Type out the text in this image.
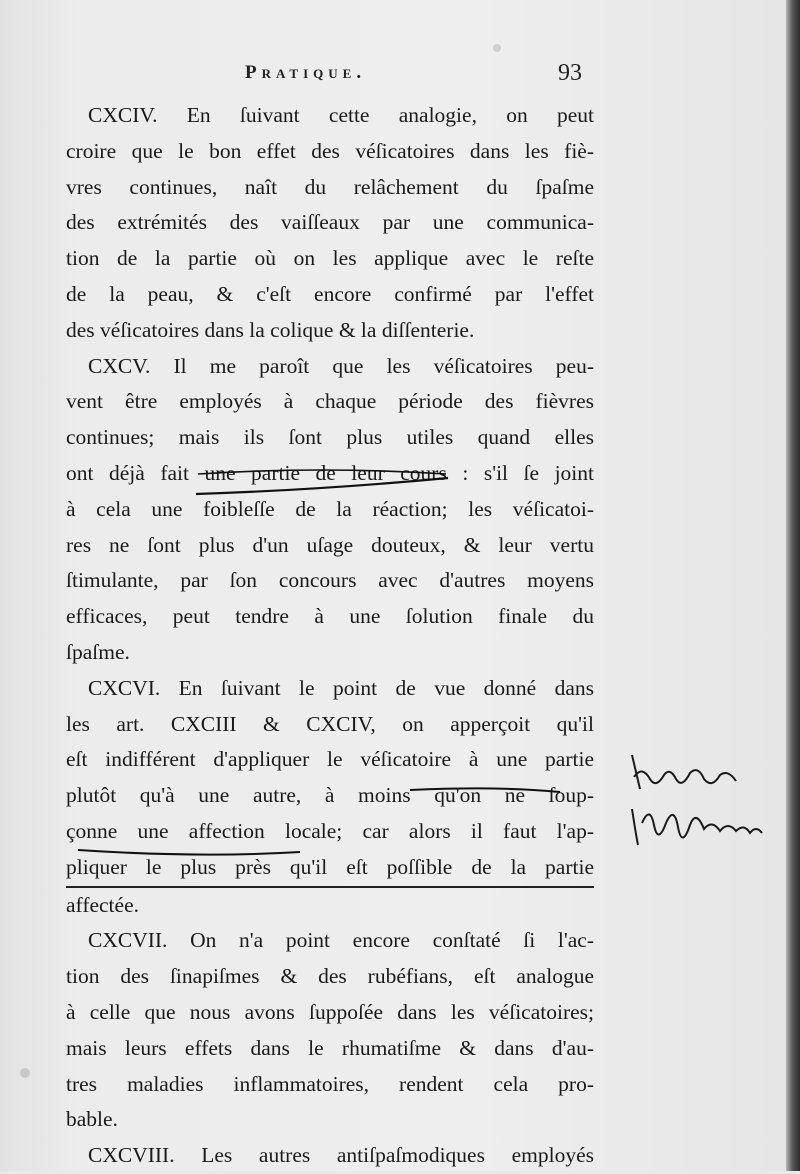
Pratique.	93
CXCIV. En ſuivant cette analogie, on peut
croire que le bon effet des véſicatoires dans les fiè-
vres continues, naît du relâchement du ſpaſme
des extrémités des vaiſſeaux par une communica-
tion de la partie où on les applique avec le reſte
de la peau, & c'eſt encore confirmé par l'effet
des véſicatoires dans la colique & la diſſenterie.
CXCV. Il me paroît que les véſicatoires peu-
vent être employés à chaque période des fièvres
continues; mais ils ſont plus utiles quand elles
ont déjà fait une partie de leur cours : s'il ſe joint
à cela une foibleſſe de la réaction; les véſicatoi-
res ne ſont plus d'un uſage douteux, & leur vertu
ſtimulante, par ſon concours avec d'autres moyens
efficaces, peut tendre à une ſolution finale du
ſpaſme.
CXCVI. En ſuivant le point de vue donné dans
les art. CXCIII & CXCIV, on apperçoit qu'il
eſt indifférent d'appliquer le véſicatoire à une partie
plutôt qu'à une autre, à moins qu'on ne ſoup-
çonne une affection locale; car alors il faut l'ap-
pliquer le plus près qu'il eſt poſſible de la partie
affectée.
CXCVII. On n'a point encore conſtaté ſi l'ac-
tion des ſinapiſmes & des rubéfians, eſt analogue
à celle que nous avons ſuppoſée dans les véſicatoires;
mais leurs effets dans le rhumatiſme & dans d'au-
tres maladies inflammatoires, rendent cela pro-
bable.
CXCVIII. Les autres antiſpaſmodiques employés
